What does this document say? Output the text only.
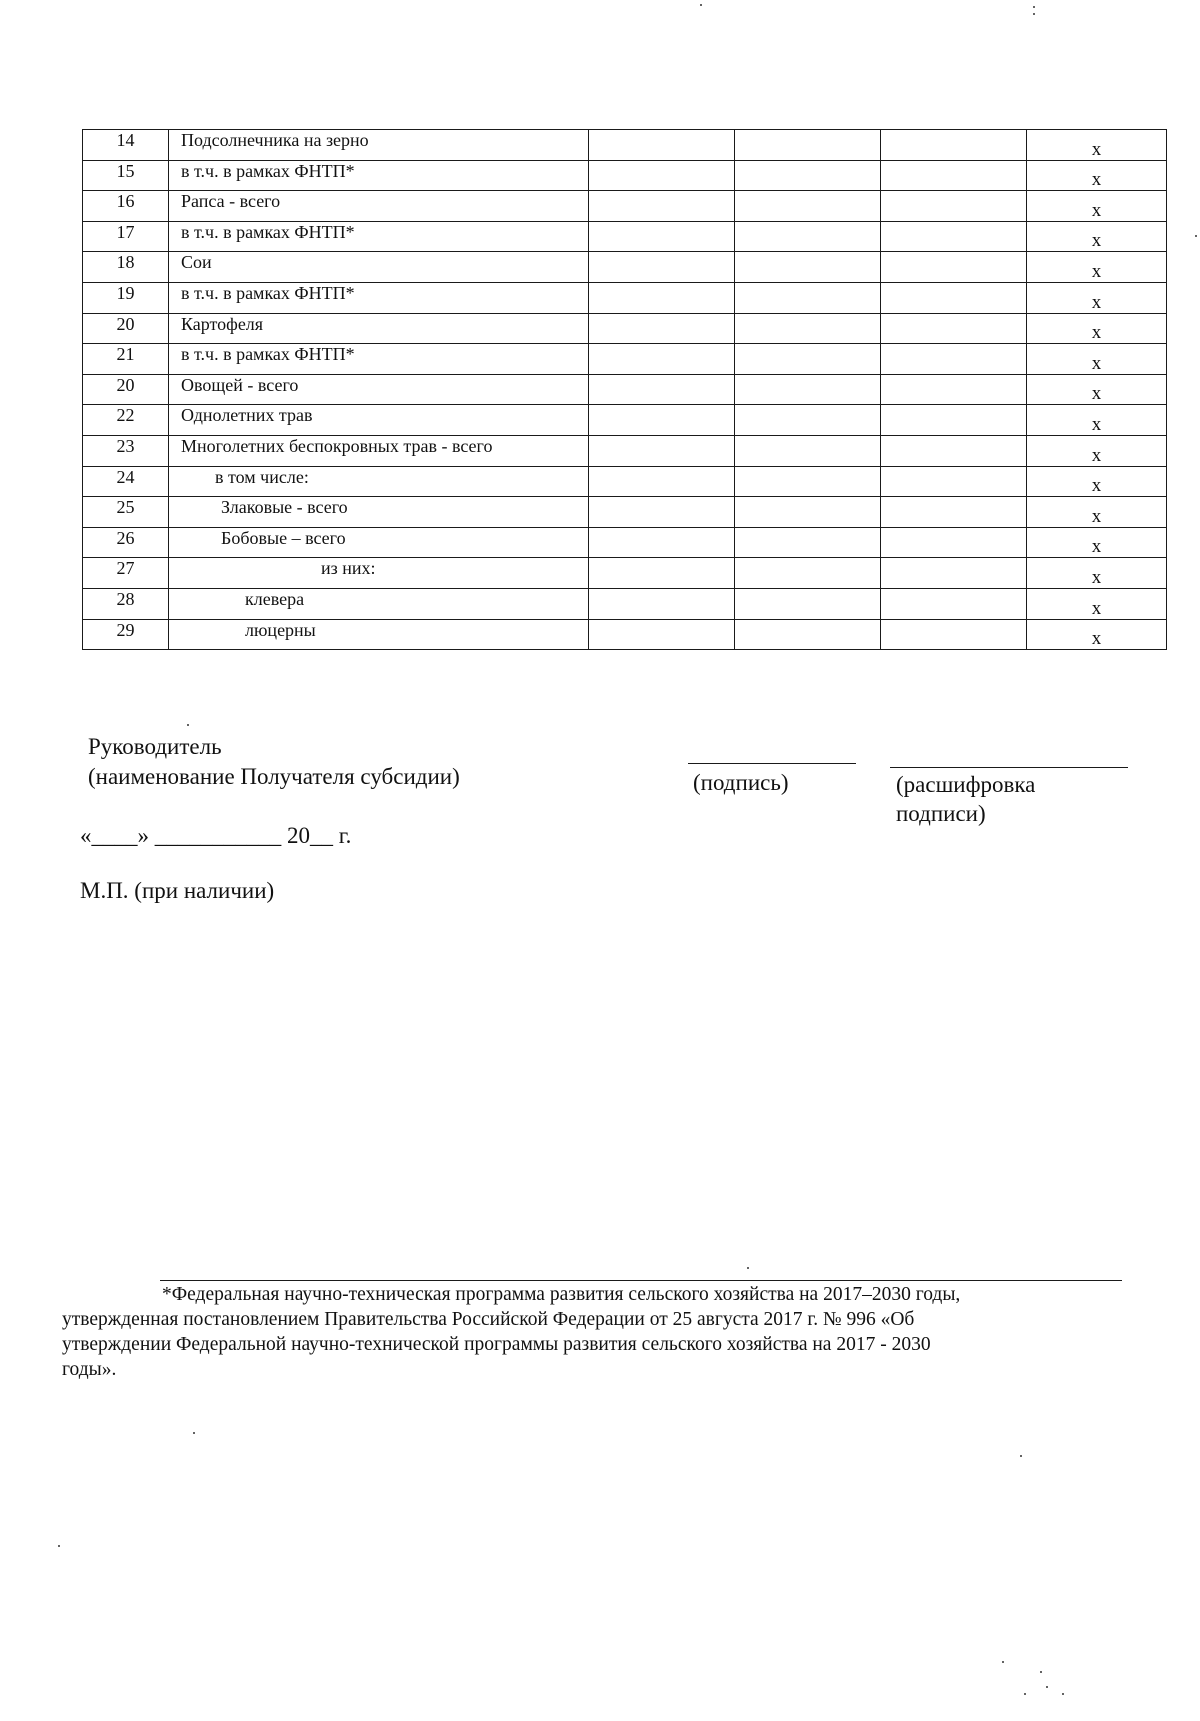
14	Подсолнечника на зерно				x
15	в т.ч. в рамках ФНТП*				x
16	Рапса - всего				x
17	в т.ч. в рамках ФНТП*				x
18	Сои				x
19	в т.ч. в рамках ФНТП*				x
20	Картофеля				x
21	в т.ч. в рамках ФНТП*				x
20	Овощей - всего				x
22	Однолетних трав				x
23	Многолетних беспокровных трав - всего				x
24	в том числе:				x
25	Злаковые - всего				x
26	Бобовые – всего				x
27	из них:				x
28	клевера				x
29	люцерны				x
Руководитель
(наименование Получателя субсидии)	(подпись)	(расшифровка
подписи)
«____» ___________ 20__ г.
М.П. (при наличии)

*Федеральная научно-техническая программа развития сельского хозяйства на 2017–2030 годы,

утвержденная постановлением Правительства Российской Федерации от 25 августа 2017 г. № 996 «Об

утверждении Федеральной научно-технической программы развития сельского хозяйства на 2017 - 2030

годы».
